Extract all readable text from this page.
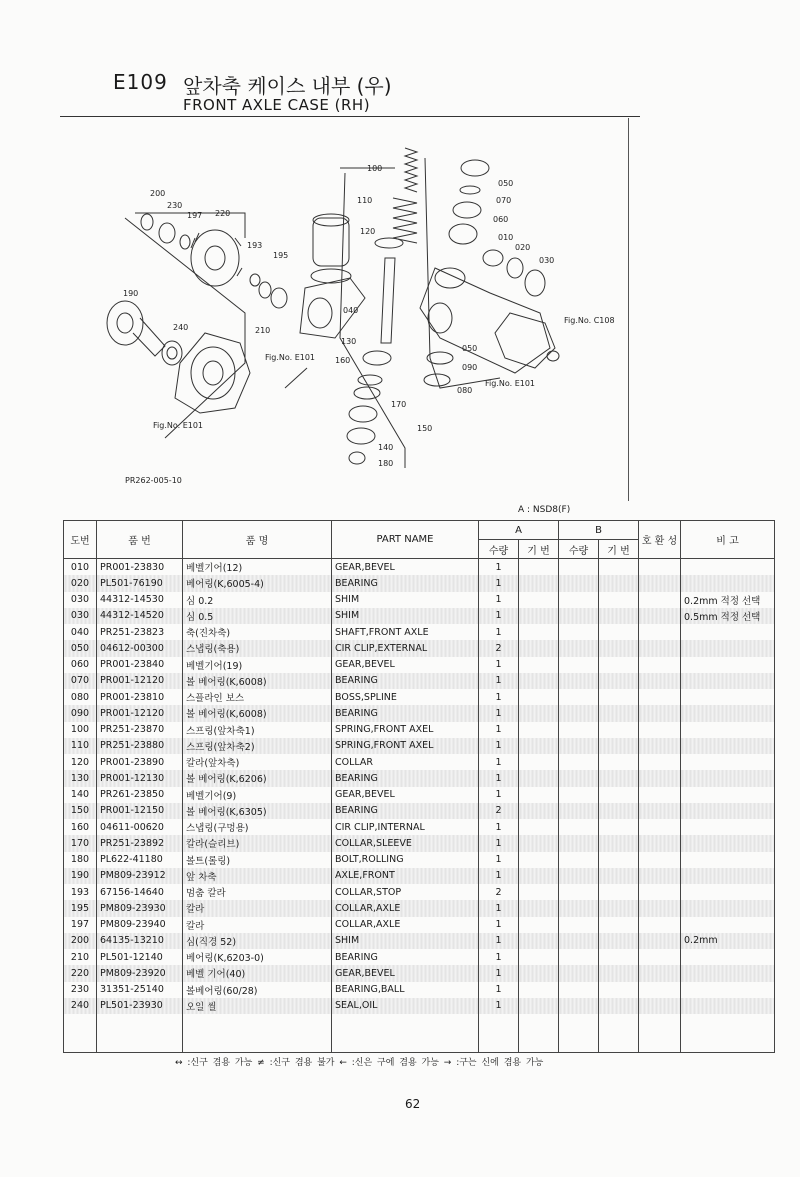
E109 앞차축 케이스 내부 (우)
FRONT AXLE CASE (RH)
100
110
120
040
130
160
170
150
140
180
050
070
060
010
020
030
050
090
080
200
230
197 220
193
195
190
240	210
Fig.No. C108
Fig.No. E101
Fig.No. E101
Fig.No. E101
PR262-005-10
A : NSD8(F)
도번	품 번	품 명	PART NAME	A		B		호 환 성	비 고
				수량	기 번	수량	기 번		
010	PR001-23830	베벨기어(12)	GEAR,BEVEL	1					
020	PL501-76190	베어링(K,6005-4)	BEARING	1					
030	44312-14530	심 0.2	SHIM	1					0.2mm 적정 선택
030	44312-14520	심 0.5	SHIM	1					0.5mm 적정 선택
040	PR251-23823	축(진차축)	SHAFT,FRONT AXLE	1					
050	04612-00300	스냅링(축용)	CIR CLIP,EXTERNAL	2					
060	PR001-23840	베벨기어(19)	GEAR,BEVEL	1					
070	PR001-12120	볼 베어링(K,6008)	BEARING	1					
080	PR001-23810	스플라인 보스	BOSS,SPLINE	1					
090	PR001-12120	볼 베어링(K,6008)	BEARING	1					
100	PR251-23870	스프링(앞차축1)	SPRING,FRONT AXEL	1					
110	PR251-23880	스프링(앞차축2)	SPRING,FRONT AXEL	1					
120	PR001-23890	칼라(앞차축)	COLLAR	1					
130	PR001-12130	볼 베어링(K,6206)	BEARING	1					
140	PR261-23850	베벨기어(9)	GEAR,BEVEL	1					
150	PR001-12150	볼 베어링(K,6305)	BEARING	2					
160	04611-00620	스냅링(구멍용)	CIR CLIP,INTERNAL	1					
170	PR251-23892	칼라(슬리브)	COLLAR,SLEEVE	1					
180	PL622-41180	볼트(롤링)	BOLT,ROLLING	1					
190	PM809-23912	앞 차축	AXLE,FRONT	1					
193	67156-14640	멈춤 칼라	COLLAR,STOP	2					
195	PM809-23930	칼라	COLLAR,AXLE	1					
197	PM809-23940	칼라	COLLAR,AXLE	1					
200	64135-13210	심(직경 52)	SHIM	1					0.2mm
210	PL501-12140	베어링(K,6203-0)	BEARING	1					
220	PM809-23920	베벨 기어(40)	GEAR,BEVEL	1					
230	31351-25140	볼베어링(60/28)	BEARING,BALL	1					
240	PL501-23930	오일 씰	SEAL,OIL	1					

↔ :신구 겸용 가능 ≠ :신구 겸용 불가 ← :신은 구에 겸용 가능 → :구는 신에 겸용 가능
62
